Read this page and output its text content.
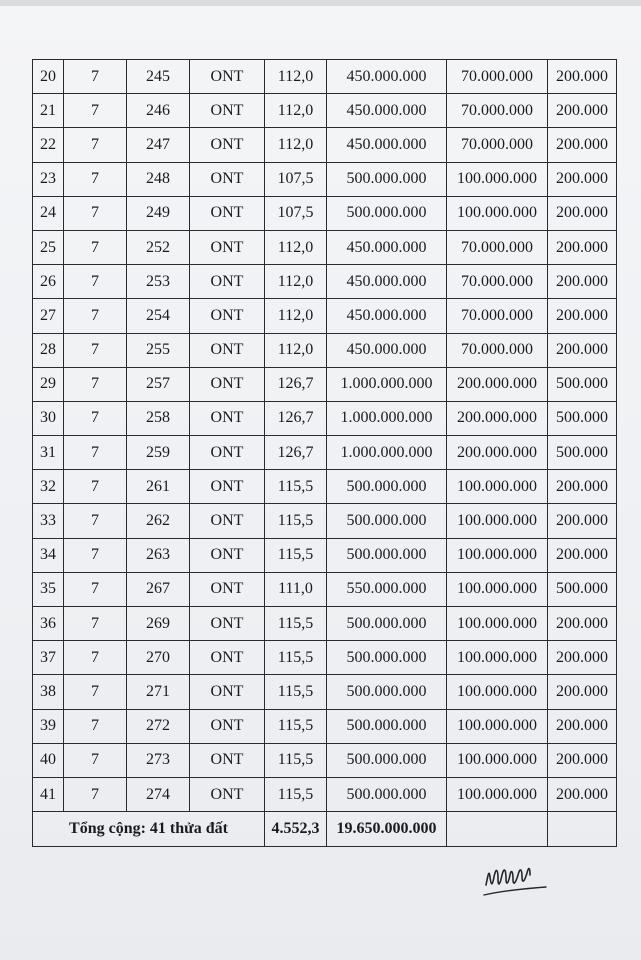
20	7	245	ONT	112,0	450.000.000	70.000.000	200.000
21	7	246	ONT	112,0	450.000.000	70.000.000	200.000
22	7	247	ONT	112,0	450.000.000	70.000.000	200.000
23	7	248	ONT	107,5	500.000.000	100.000.000	200.000
24	7	249	ONT	107,5	500.000.000	100.000.000	200.000
25	7	252	ONT	112,0	450.000.000	70.000.000	200.000
26	7	253	ONT	112,0	450.000.000	70.000.000	200.000
27	7	254	ONT	112,0	450.000.000	70.000.000	200.000
28	7	255	ONT	112,0	450.000.000	70.000.000	200.000
29	7	257	ONT	126,7	1.000.000.000	200.000.000	500.000
30	7	258	ONT	126,7	1.000.000.000	200.000.000	500.000
31	7	259	ONT	126,7	1.000.000.000	200.000.000	500.000
32	7	261	ONT	115,5	500.000.000	100.000.000	200.000
33	7	262	ONT	115,5	500.000.000	100.000.000	200.000
34	7	263	ONT	115,5	500.000.000	100.000.000	200.000
35	7	267	ONT	111,0	550.000.000	100.000.000	500.000
36	7	269	ONT	115,5	500.000.000	100.000.000	200.000
37	7	270	ONT	115,5	500.000.000	100.000.000	200.000
38	7	271	ONT	115,5	500.000.000	100.000.000	200.000
39	7	272	ONT	115,5	500.000.000	100.000.000	200.000
40	7	273	ONT	115,5	500.000.000	100.000.000	200.000
41	7	274	ONT	115,5	500.000.000	100.000.000	200.000
Tổng cộng: 41 thửa đất				4.552,3	19.650.000.000		
